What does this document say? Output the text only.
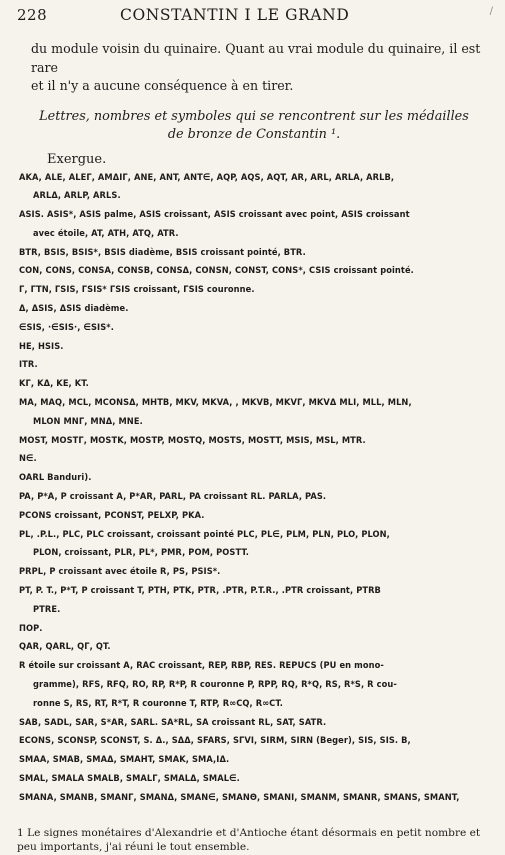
228	CONSTANTIN I LE GRAND	/

du module voisin du quinaire. Quant au vrai module du quinaire, il est rare

et il n'y a aucune conséquence à en tirer.

Lettres, nombres et symboles qui se rencontrent sur les médailles

de bronze de Constantin ¹.

Exergue.

AKA, ALE, ALEΓ, AMΔIΓ, ANE, ANT, ANT∈, AQP, AQS, AQT, AR, ARL, ARLA, ARLB,

ARLΔ, ARLP, ARLS.

ASIS. ASIS*, ASIS palme, ASIS croissant, ASIS croissant avec point, ASIS croissant

avec étoile, AT, ATH, ATQ, ATR.

BTR, BSIS, BSIS*, BSIS diadème, BSIS croissant pointé, BTR.

CON, CONS, CONSA, CONSB, CONSΔ, CONSN, CONST, CONS*, CSIS croissant pointé.

Γ, ΓΤΝ, ΓSIS, ΓSIS* ΓSIS croissant, ΓSIS couronne.

Δ, ΔSIS, ΔSIS diadème.

∈SIS, ·∈SIS·, ∈SIS*.

HE, HSIS.

ITR.

KΓ, KΔ, KE, KT.

MA, MAQ, MCL, MCONSΔ, MHTB, MKV, MKVA, , MKVB, MKVΓ, MKVΔ MLI, MLL, MLN,

MLON MNΓ, MNΔ, MNE.

MOST, MOSTΓ, MOSTK, MOSTP, MOSTQ, MOSTS, MOSTT, MSIS, MSL, MTR.

N∈.

OARL Banduri).

PA, P*A, P croissant A, P*AR, PARL, PA croissant RL. PARLA, PAS.

PCONS croissant, PCONST, PELXP, PKA.

PL, .P.L., PLC, PLC croissant, croissant pointé PLC, PL∈, PLM, PLN, PLO, PLON,

PLON, croissant, PLR, PL*, PMR, POM, POSTT.

PRPL, P croissant avec étoile R, PS, PSIS*.

PT, P. T., P*T, P croissant T, PTH, PTK, PTR, .PTR, P.T.R., .PTR croissant, PTRB

PTRE.

ПОР.

QAR, QARL, QΓ, QT.

R étoile sur croissant A, RAC croissant, REP, RBP, RES. REPUCS (PU en mono-

gramme), RFS, RFQ, RO, RP, R*P, R couronne P, RPP, RQ, R*Q, RS, R*S, R cou-

ronne S, RS, RT, R*T, R couronne T, RTP, R∞CQ, R∞CT.

SAB, SADL, SAR, S*AR, SARL. SA*RL, SA croissant RL, SAT, SATR.

ECONS, SCONSP, SCONST, S. Δ., SΔΔ, SFARS, SΓVI, SIRM, SIRN (Beger), SIS, SIS. B,

SMAA, SMAB, SMAΔ, SMAHT, SMAK, SMA,IΔ.

SMAL, SMALA SMALB, SMALΓ, SMALΔ, SMAL∈.

SMANA, SMANB, SMANΓ, SMANΔ, SMAN∈, SMANΘ, SMANI, SMANM, SMANR, SMANS, SMANT,

1 Le signes monétaires d'Alexandrie et d'Antioche étant désormais en petit nombre et

peu importants, j'ai réuni le tout ensemble.
